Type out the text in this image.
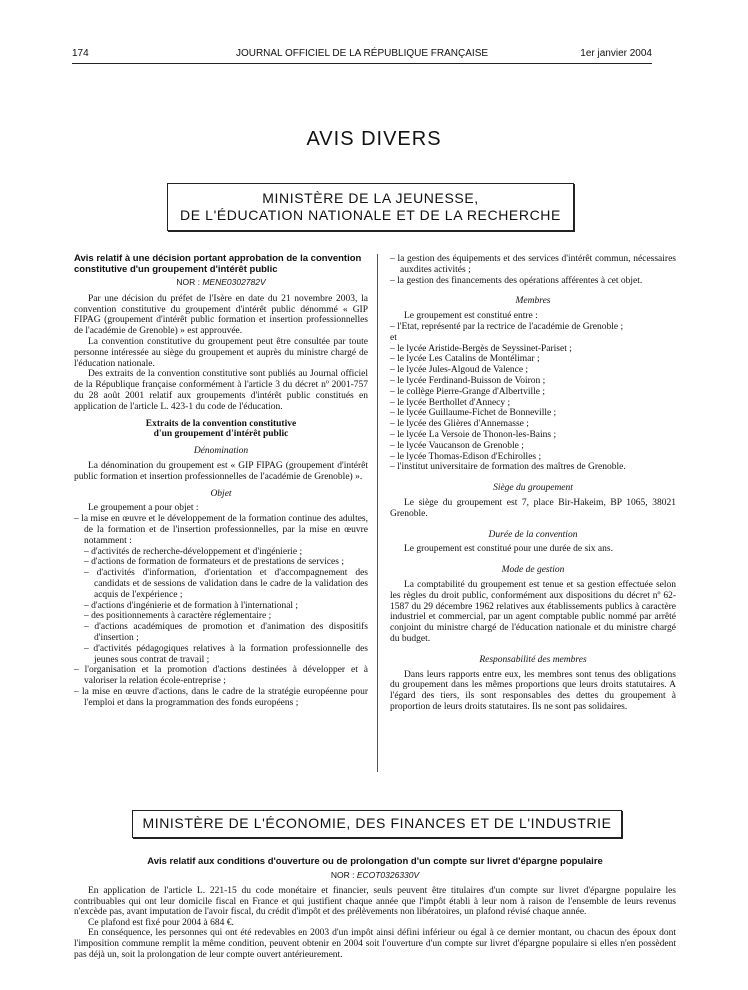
174	JOURNAL OFFICIEL DE LA RÉPUBLIQUE FRANÇAISE	1er janvier 2004
AVIS DIVERS
MINISTÈRE DE LA JEUNESSE,
DE L'ÉDUCATION NATIONALE ET DE LA RECHERCHE

Avis relatif à une décision portant approbation de la convention constitutive d'un groupement d'intérêt public

NOR : MENE0302782V

Par une décision du préfet de l'Isère en date du 21 novembre 2003, la convention constitutive du groupement d'intérêt public dénommé « GIP FIPAG (groupement d'intérêt public formation et insertion professionnelles de l'académie de Grenoble) » est approuvée.

La convention constitutive du groupement peut être consultée par toute personne intéressée au siège du groupement et auprès du ministre chargé de l'éducation nationale.

Des extraits de la convention constitutive sont publiés au Journal officiel de la République française conformément à l'article 3 du décret nº 2001-757 du 28 août 2001 relatif aux groupements d'intérêt public constitués en application de l'article L. 423-1 du code de l'éducation.

Extraits de la convention constitutive

d'un groupement d'intérêt public

Dénomination

La dénomination du groupement est « GIP FIPAG (groupement d'intérêt public formation et insertion professionnelles de l'académie de Grenoble) ».

Objet

Le groupement a pour objet :

– la mise en œuvre et le développement de la formation continue des adultes, de la formation et de l'insertion professionnelles, par la mise en œuvre notamment :

– d'activités de recherche-développement et d'ingénierie ;

– d'actions de formation de formateurs et de prestations de services ;

– d'activités d'information, d'orientation et d'accompagnement des candidats et de sessions de validation dans le cadre de la validation des acquis de l'expérience ;

– d'actions d'ingénierie et de formation à l'international ;

– des positionnements à caractère réglementaire ;

– d'actions académiques de promotion et d'animation des dispositifs d'insertion ;

– d'activités pédagogiques relatives à la formation professionnelle des jeunes sous contrat de travail ;

– l'organisation et la promotion d'actions destinées à développer et à valoriser la relation école-entreprise ;

– la mise en œuvre d'actions, dans le cadre de la stratégie européenne pour l'emploi et dans la programmation des fonds européens ;

– la gestion des équipements et des services d'intérêt commun, nécessaires auxdites activités ;

– la gestion des financements des opérations afférentes à cet objet.

Membres

Le groupement est constitué entre :

– l'Etat, représenté par la rectrice de l'académie de Grenoble ;

et

– le lycée Aristide-Bergès de Seyssinet-Pariset ;

– le lycée Les Catalins de Montélimar ;

– le lycée Jules-Algoud de Valence ;

– le lycée Ferdinand-Buisson de Voiron ;

– le collège Pierre-Grange d'Albertville ;

– le lycée Berthollet d'Annecy ;

– le lycée Guillaume-Fichet de Bonneville ;

– le lycée des Glières d'Annemasse ;

– le lycée La Versoie de Thonon-les-Bains ;

– le lycée Vaucanson de Grenoble ;

– le lycée Thomas-Edison d'Echirolles ;

– l'institut universitaire de formation des maîtres de Grenoble.

Siège du groupement

Le siège du groupement est 7, place Bir-Hakeim, BP 1065, 38021 Grenoble.

Durée de la convention

Le groupement est constitué pour une durée de six ans.

Mode de gestion

La comptabilité du groupement est tenue et sa gestion effectuée selon les règles du droit public, conformément aux dispositions du décret nº 62-1587 du 29 décembre 1962 relatives aux établissements publics à caractère industriel et commercial, par un agent comptable public nommé par arrêté conjoint du ministre chargé de l'éducation nationale et du ministre chargé du budget.

Responsabilité des membres

Dans leurs rapports entre eux, les membres sont tenus des obligations du groupement dans les mêmes proportions que leurs droits statutaires. A l'égard des tiers, ils sont responsables des dettes du groupement à proportion de leurs droits statutaires. Ils ne sont pas solidaires.

MINISTÈRE DE L'ÉCONOMIE, DES FINANCES ET DE L'INDUSTRIE

Avis relatif aux conditions d'ouverture ou de prolongation d'un compte sur livret d'épargne populaire

NOR : ECOT0326330V

En application de l'article L. 221-15 du code monétaire et financier, seuls peuvent être titulaires d'un compte sur livret d'épargne populaire les contribuables qui ont leur domicile fiscal en France et qui justifient chaque année que l'impôt établi à leur nom à raison de l'ensemble de leurs revenus n'excède pas, avant imputation de l'avoir fiscal, du crédit d'impôt et des prélèvements non libératoires, un plafond révisé chaque année.

Ce plafond est fixé pour 2004 à 684 €.

En conséquence, les personnes qui ont été redevables en 2003 d'un impôt ainsi défini inférieur ou égal à ce dernier montant, ou chacun des époux dont l'imposition commune remplit la même condition, peuvent obtenir en 2004 soit l'ouverture d'un compte sur livret d'épargne populaire si elles n'en possèdent pas déjà un, soit la prolongation de leur compte ouvert antérieurement.
